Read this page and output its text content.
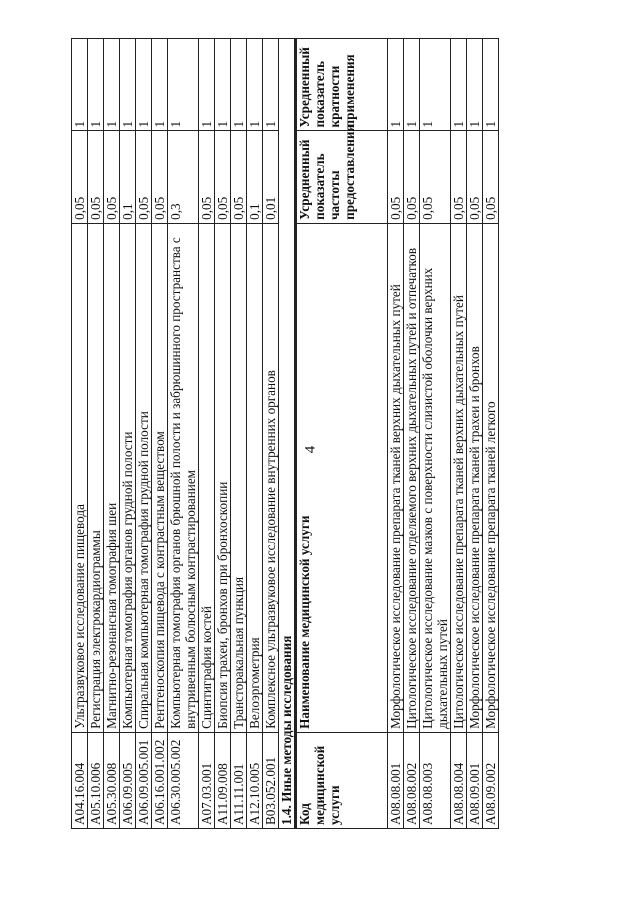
4
A04.16.004	Ультразвуковое исследование пищевода	0,05	1
A05.10.006	Регистрация электрокардиограммы	0,05	1
A05.30.008	Магнитно-резонансная томография шеи	0,05	1
A06.09.005	Компьютерная томография органов грудной полости	0,1	1
A06.09.005.001	Спиральная компьютерная томография грудной полости	0,05	1
A06.16.001.002	Рентгеноскопия пищевода с контрастным веществом	0,05	1
A06.30.005.002	Компьютерная томография органов брюшной полости и забрюшинного пространства с внутривенным болюсным контрастированием	0,3	1
A07.03.001	Сцинтиграфия костей	0,05	1
A11.09.008	Биопсия трахеи, бронхов при бронхоскопии	0,05	1
A11.11.001	Трансторакальная пункция	0,05	1
A12.10.005	Велоэргометрия	0,1	1
B03.052.001	Комплексное ультразвуковое исследование внутренних органов	0,01	1
1.4. Иные методы исследования			
Код медицинской услуги	Наименование медицинской услуги	Усредненный показатель частоты предоставления	Усредненный показатель кратности применения
A08.08.001	Морфологическое исследование препарата тканей верхних дыхательных путей	0,05	1
A08.08.002	Цитологическое исследование отделяемого верхних дыхательных путей и отпечатков	0,05	1
A08.08.003	Цитологическое исследование мазков с поверхности слизистой оболочки верхних дыхательных путей	0,05	1
A08.08.004	Цитологическое исследование препарата тканей верхних дыхательных путей	0,05	1
A08.09.001	Морфологическое исследование препарата тканей трахеи и бронхов	0,05	1
A08.09.002	Морфологическое исследование препарата тканей легкого	0,05	1
